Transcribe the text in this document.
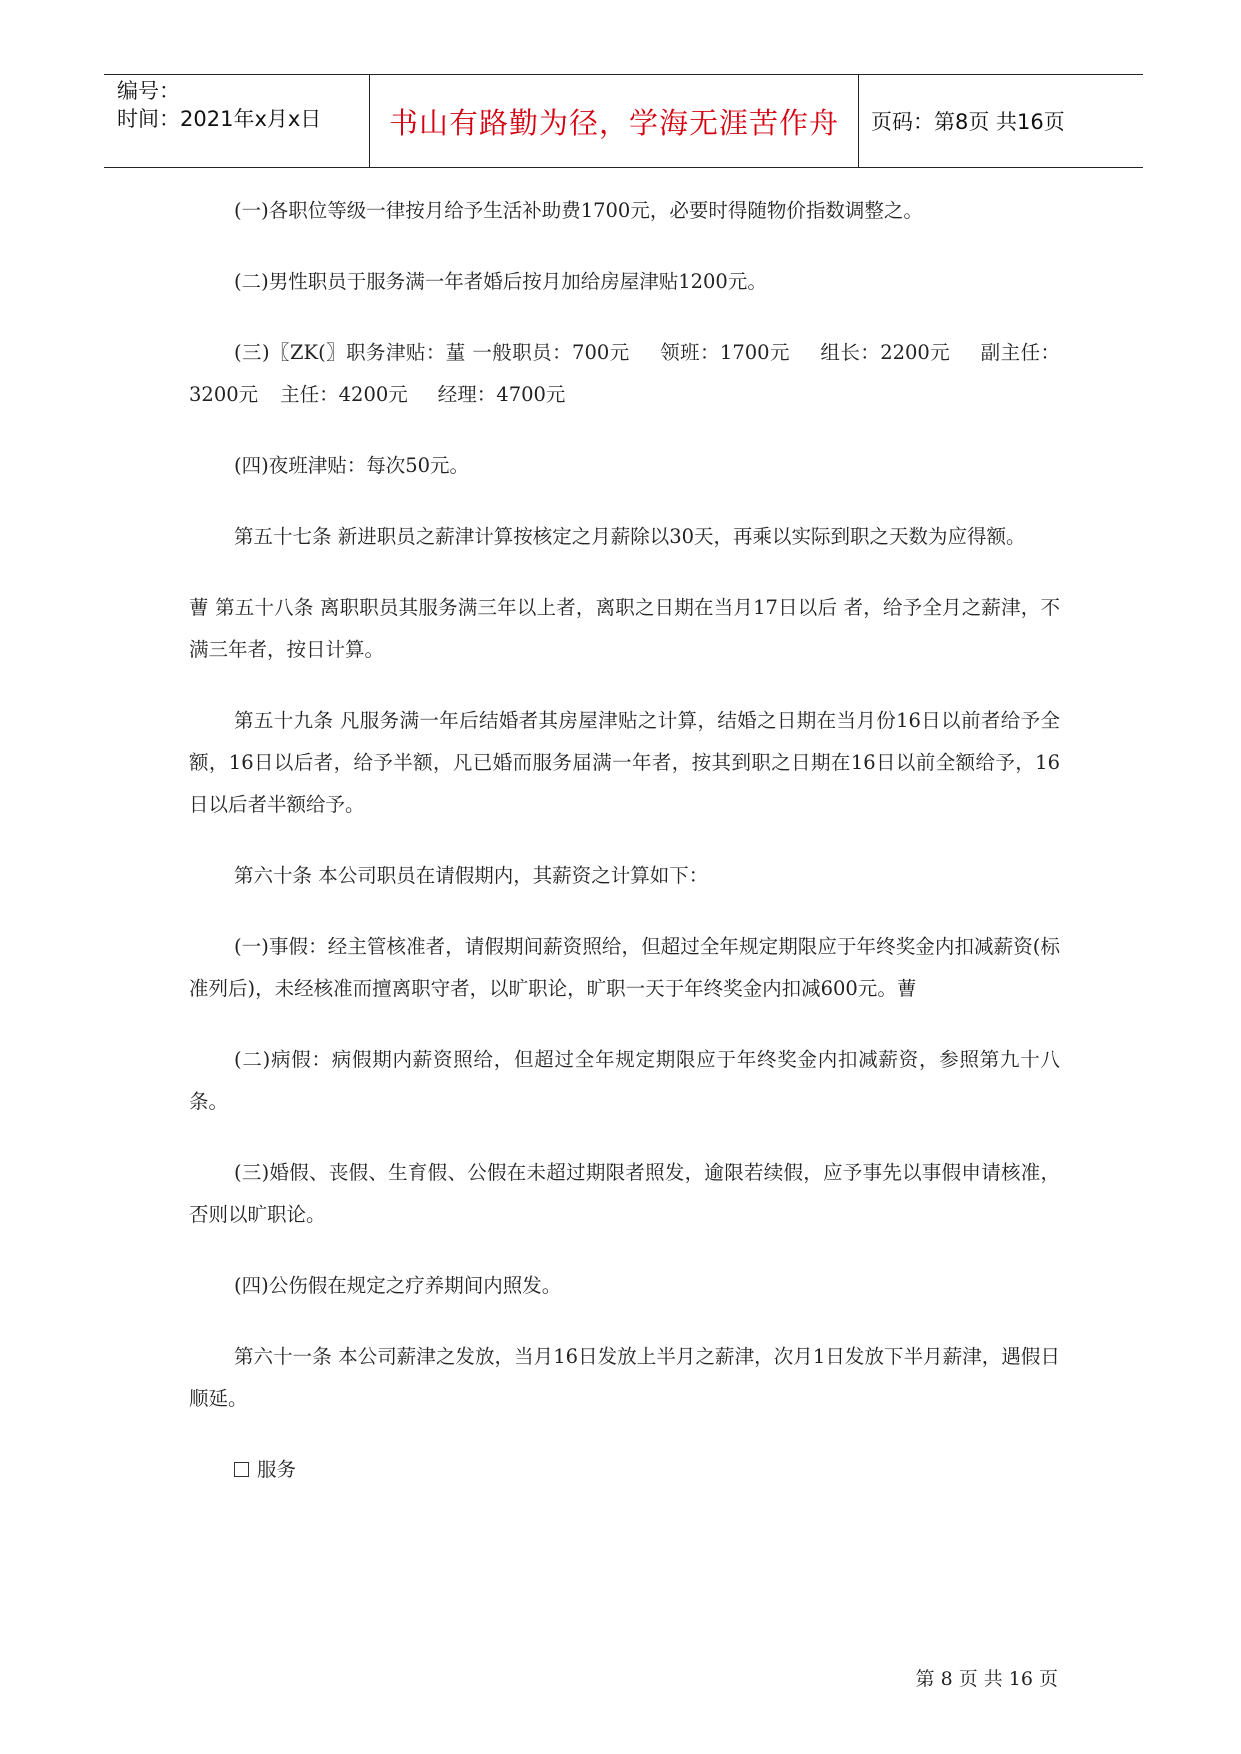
编号：
时间：2021年x月x日	书山有路勤为径，学海无涯苦作舟 页码：第8页 共16页

(一)各职位等级一律按月给予生活补助费1700元，必要时得随物价指数调整之。

(二)男性职员于服务满一年者婚后按月加给房屋津贴1200元。

(三)〖ZK(〗职务津贴：蓳 一般职员：700元 领班：1700元 组长：2200元 副主任：3200元 主任：4200元 经理：4700元

(四)夜班津贴：每次50元。

第五十七条 新进职员之薪津计算按核定之月薪除以30天，再乘以实际到职之天数为应得额。

蓸 第五十八条 离职职员其服务满三年以上者，离职之日期在当月17日以后 者，给予全月之薪津，不满三年者，按日计算。

第五十九条 凡服务满一年后结婚者其房屋津贴之计算，结婚之日期在当月份16日以前者给予全额，16日以后者，给予半额，凡已婚而服务届满一年者，按其到职之日期在16日以前全额给予，16日以后者半额给予。

第六十条 本公司职员在请假期内，其薪资之计算如下：

(一)事假：经主管核准者，请假期间薪资照给，但超过全年规定期限应于年终奖金内扣减薪资(标准列后)，未经核准而擅离职守者，以旷职论，旷职一天于年终奖金内扣减600元。蓸

(二)病假：病假期内薪资照给，但超过全年规定期限应于年终奖金内扣减薪资，参照第九十八条。

(三)婚假、丧假、生育假、公假在未超过期限者照发，逾限若续假，应予事先以事假申请核准，否则以旷职论。

(四)公伤假在规定之疗养期间内照发。

第六十一条 本公司薪津之发放，当月16日发放上半月之薪津，次月1日发放下半月薪津，遇假日顺延。

服务
第 8 页 共 16 页
